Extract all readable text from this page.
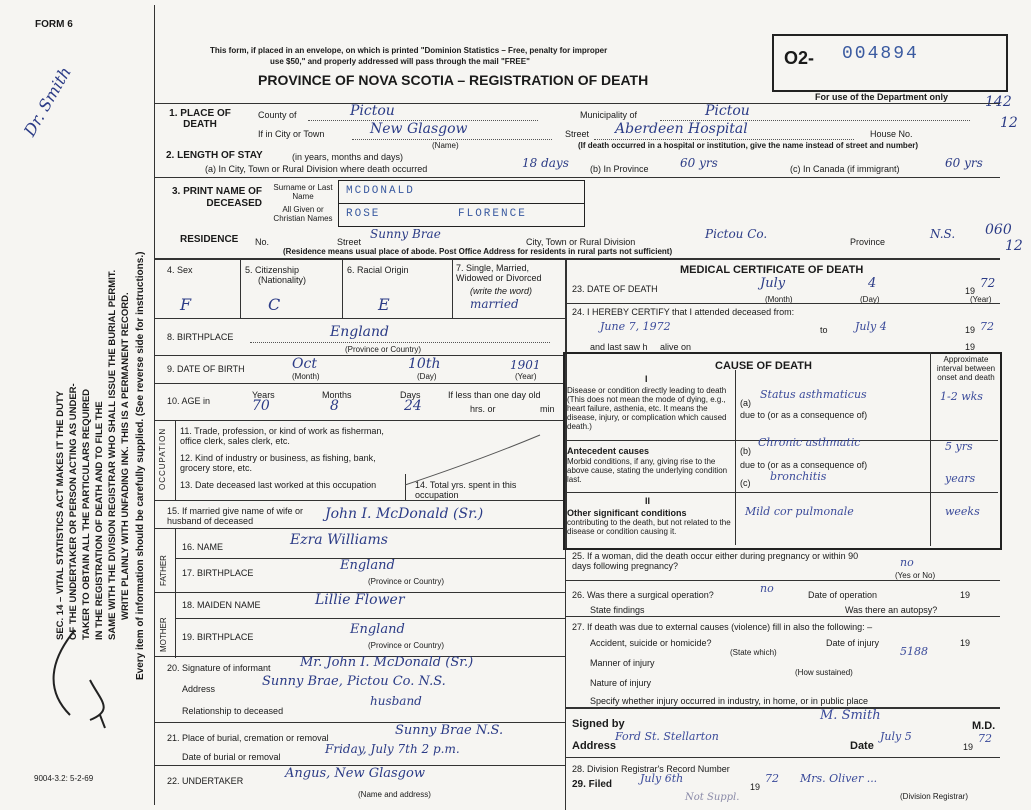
FORM 6
Dr. Smith
SEC. 14 – VITAL STATISTICS ACT MAKES IT THE DUTY OF THE UNDERTAKER OR PERSON ACTING AS UNDER- TAKER TO OBTAIN ALL THE PARTICULARS REQUIRED IN THE REGISTRATION OF DEATH AND TO FILE THE SAME WITH THE DIVISION REGISTRAR WHO SHALL ISSUE THE BURIAL PERMIT. WRITE PLAINLY WITH UNFADING INK. THIS IS A PERMANENT RECORD. Every item of information should be carefully supplied. (See reverse side for instructions.)
9004-3.2: 5-2-69
This form, if placed in an envelope, on which is printed "Dominion Statistics – Free, penalty for improper
use $50," and properly addressed will pass through the mail "FREE"
PROVINCE OF NOVA SCOTIA – REGISTRATION OF DEATH
O2- 004894
For use of the Department only	142
12
060
12
1. PLACE OF DEATH
County of	Pictou	Municipality of	Pictou
If in City or Town	New Glasgow
(Name)
Street Aberdeen Hospital	House No.
(If death occurred in a hospital or institution, give the name instead of street and number)
2. LENGTH OF STAY	(in years, months and days)
(a) In City, Town or Rural Division where death occurred	18 days (b) In Province	60 yrs	(c) In Canada (if immigrant)	60 yrs
3. PRINT NAME OF DECEASED
Surname or Last Name	MCDONALD
All Given or Christian Names	ROSE	FLORENCE
RESIDENCE No.	Street
Sunny Brae
City, Town or Rural Division
Pictou Co.
Province
N.S.
(Residence means usual place of abode. Post Office Address for residents in rural parts not sufficient)
4. Sex
F
5. Citizenship
(Nationality)
C
6. Racial Origin
E
7. Single, Married, Widowed or Divorced
(write the word)
married
8. BIRTHPLACE	England
(Province or Country)
9. DATE OF BIRTH	Oct	10th	1901
(Month)	(Day)	(Year)
10. AGE in
Years	Months	Days
70	8	24
If less than one day old
hrs. or	min
OCCUPATION 11. Trade, profession, or kind of work as fisherman, office clerk, sales clerk, etc.
12. Kind of industry or business, as fishing, bank, grocery store, etc.
13. Date deceased last worked at this occupation	14. Total yrs. spent in this occupation
15. If married give name of wife or husband of deceased	John I. McDonald (Sr.)
FATHER
MOTHER
16. NAME	Ezra Williams
17. BIRTHPLACE	England
(Province or Country)
18. MAIDEN NAME	Lillie Flower
19. BIRTHPLACE	England
(Province or Country)
20. Signature of informant Mr. John I. McDonald (Sr.)
Address	Sunny Brae, Pictou Co. N.S.
Relationship to deceased
husband
21. Place of burial, cremation or removal	Sunny Brae N.S.
Date of burial or removal
Friday, July 7th 2 p.m.
22. UNDERTAKER	Angus, New Glasgow
(Name and address)
MEDICAL CERTIFICATE OF DEATH
23. DATE OF DEATH	July	4	19
72
(Month)	(Day)	(Year)
24. I HEREBY CERTIFY that I attended deceased from:
June 7, 1972	to July 4	19 72
and last saw h alive on	19
CAUSE OF DEATH
Approximate interval between onset and death
I
Disease or condition directly leading to death (This does not mean the mode of dying, e.g., heart failure, asthenia, etc. It means the disease, injury, or complication which caused death.)
(a)
Status asthmaticus	1-2 wks
due to (or as a consequence of)
Antecedent causes
Morbid conditions, if any, giving rise to the above cause, stating the underlying condition last.
(b)
Chronic asthmatic	5 yrs
due to (or as a consequence of)
(c) bronchitis	years
II
Other significant conditions
contributing to the death, but not related to the disease or condition causing it.
Mild cor pulmonale	weeks
25. If a woman, did the death occur either during pregnancy or within 90 days following pregnancy?	no
(Yes or No)
26. Was there a surgical operation?	no	Date of operation	19
State findings	Was there an autopsy?
27. If death was due to external causes (violence) fill in also the following: –
Accident, suicide or homicide?	Date of injury	19
(State which)	5188
Manner of injury
(How sustained)
Nature of injury
Specify whether injury occurred in industry, in home, or in public place
Signed by
M. Smith
M.D.
Address
Ford St. Stellarton
Date
July 5
19
72
28. Division Registrar's Record Number
29. Filed	July 6th
19
72 Mrs. Oliver ...
(Division Registrar)
Not Suppl.
